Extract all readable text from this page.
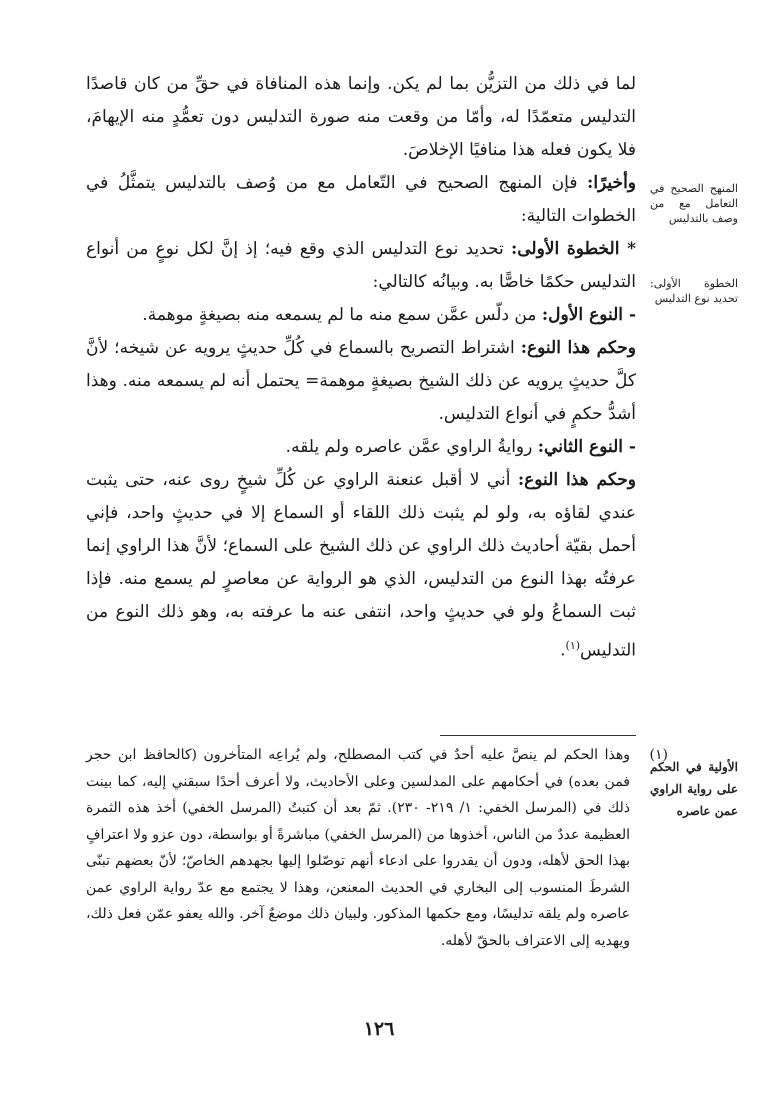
المنهج الصحيح في التعامل مع من وصف بالتدليس
الخطوة الأولى: تحديد نوع التدليس
الأولية في الحكم على رواية الراوي عمن عاصره

لما في ذلك من التزيُّن بما لم يكن. وإنما هذه المنافاة في حقِّ من كان قاصدًا التدليس متعمّدًا له، وأمّا من وقعت منه صورة التدليس دون تعمُّدٍ منه الإيهامَ، فلا يكون فعله هذا منافيًا الإخلاصَ.

وأخيرًا: فإن المنهج الصحيح في التّعامل مع من وُصف بالتدليس يتمثَّلُ في الخطوات التالية:

* الخطوة الأولى: تحديد نوع التدليس الذي وقع فيه؛ إذ إنَّ لكل نوعٍ من أنواع التدليس حكمًا خاصًّا به. وبيانُه كالتالي:

- النوع الأول: من دلّس عمَّن سمع منه ما لم يسمعه منه بصيغةٍ موهمة.

وحكم هذا النوع: اشتراط التصريح بالسماع في كُلِّ حديثٍ يرويه عن شيخه؛ لأنَّ كلَّ حديثٍ يرويه عن ذلك الشيخ بصيغةٍ موهمة= يحتمل أنه لم يسمعه منه. وهذا أشدُّ حكمٍ في أنواع التدليس.

- النوع الثاني: روايةُ الراوي عمَّن عاصره ولم يلقه.

وحكم هذا النوع: أني لا أقبل عنعنة الراوي عن كُلِّ شيخٍ روى عنه، حتى يثبت عندي لقاؤه به، ولو لم يثبت ذلك اللقاء أو السماع إلا في حديثٍ واحد، فإني أحمل بقيّة أحاديث ذلك الراوي عن ذلك الشيخ على السماع؛ لأنَّ هذا الراوي إنما عرفتُه بهذا النوع من التدليس، الذي هو الرواية عن معاصرٍ لم يسمع منه. فإذا ثبت السماعُ ولو في حديثٍ واحد، انتفى عنه ما عرفته به، وهو ذلك النوع من التدليس$^{(١)}$.

(١)

وهذا الحكم لم ينصَّ عليه أحدٌ في كتب المصطلح، ولم يُراعِه المتأخرون (كالحافظ ابن حجر فمن بعده) في أحكامهم على المدلسين وعلى الأحاديث، ولا أعرف أحدًا سبقني إليه، كما بينت ذلك في (المرسل الخفي: ١/ ٢١٩- ٢٣٠). ثمّ بعد أن كتبتُ (المرسل الخفي) أخذ هذه الثمرة العظيمة عددٌ من الناس، أخذوها من (المرسل الخفي) مباشرةً أو بواسطة، دون عزو ولا اعترافٍ بهذا الحق لأهله، ودون أن يقدروا على ادعاء أنهم توصّلوا إليها بجهدهم الخاصّ؛ لأنّ بعضهم تبنّى الشرطَ المنسوب إلى البخاري في الحديث المعنعن، وهذا لا يجتمع مع عدّ رواية الراوي عمن عاصره ولم يلقه تدليسًا، ومع حكمها المذكور. ولبيان ذلك موضعٌ آخر. والله يعفو عمّن فعل ذلك، ويهديه إلى الاعتراف بالحقّ لأهله.

١٢٦
